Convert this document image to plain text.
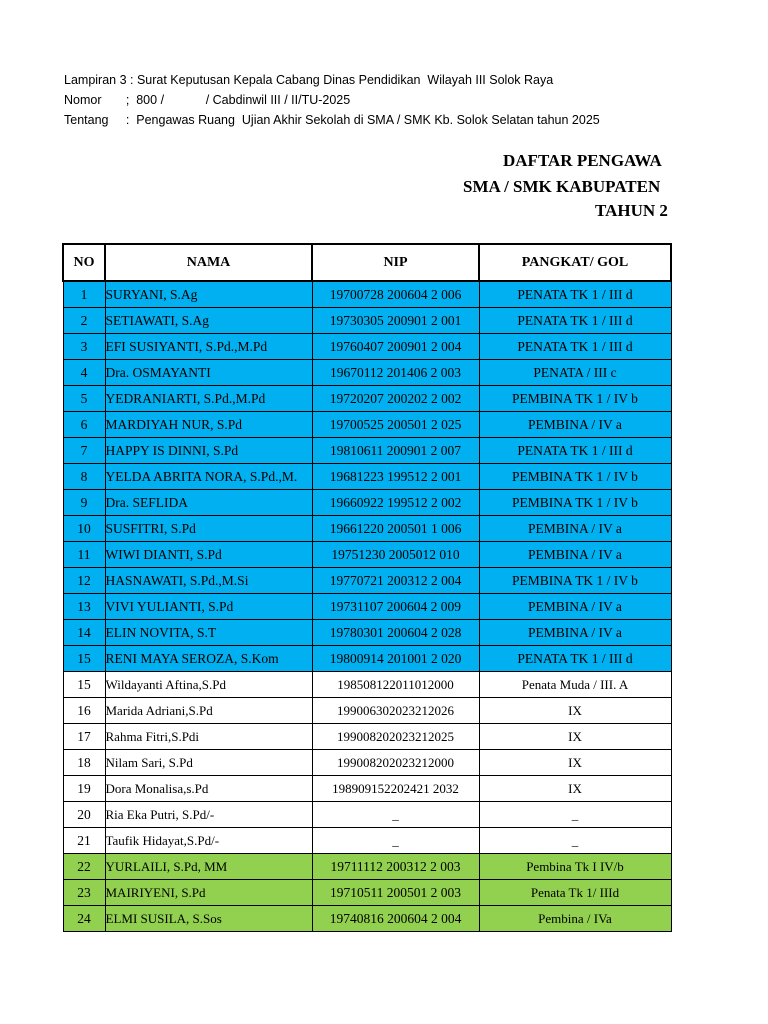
Lampiran 3 : Surat Keputusan Kepala Cabang Dinas Pendidikan  Wilayah III Solok Raya
Nomor       ;  800 /            / Cabdinwil III / II/TU-2025
Tentang     :  Pengawas Ruang  Ujian Akhir Sekolah di SMA / SMK Kb. Solok Selatan tahun 2025
DAFTAR PENGAWA
SMA / SMK KABUPATEN
TAHUN 2
NO	NAMA	NIP	PANGKAT/ GOL
1	SURYANI, S.Ag	19700728 200604 2 006	PENATA TK 1 / III d
2	SETIAWATI, S.Ag	19730305 200901 2 001	PENATA TK 1 / III d
3	EFI SUSIYANTI, S.Pd.,M.Pd	19760407 200901 2 004	PENATA TK 1 / III d
4	Dra. OSMAYANTI	19670112 201406 2 003	PENATA / III c
5	YEDRANIARTI, S.Pd.,M.Pd	19720207 200202 2 002	PEMBINA TK 1 / IV b
6	MARDIYAH NUR, S.Pd	19700525 200501 2 025	PEMBINA / IV a
7	HAPPY IS DINNI, S.Pd	19810611 200901 2 007	PENATA TK 1 / III d
8	YELDA ABRITA NORA, S.Pd.,M.	19681223 199512 2 001	PEMBINA TK 1 / IV b
9	Dra. SEFLIDA	19660922 199512 2 002	PEMBINA TK 1 / IV b
10	SUSFITRI, S.Pd	19661220 200501 1 006	PEMBINA / IV a
11	WIWI DIANTI, S.Pd	19751230 2005012 010	PEMBINA / IV a
12	HASNAWATI, S.Pd.,M.Si	19770721 200312 2 004	PEMBINA TK 1 / IV b
13	VIVI YULIANTI, S.Pd	19731107 200604 2 009	PEMBINA / IV a
14	ELIN NOVITA, S.T	19780301 200604 2 028	PEMBINA / IV a
15	RENI MAYA SEROZA, S.Kom	19800914 201001 2 020	PENATA TK 1 / III d
15	Wildayanti Aftina,S.Pd	198508122011012000	Penata Muda / III. A
16	Marida Adriani,S.Pd	199006302023212026	IX
17	Rahma Fitri,S.Pdi	199008202023212025	IX
18	Nilam Sari, S.Pd	199008202023212000	IX
19	Dora Monalisa,s.Pd	198909152202421 2032	IX
20	Ria Eka Putri, S.Pd/-	_	_
21	Taufik Hidayat,S.Pd/-	_	_
22	YURLAILI, S.Pd, MM	19711112 200312 2 003	Pembina Tk I IV/b
23	MAIRIYENI, S.Pd	19710511 200501 2 003	Penata Tk 1/ IIId
24	ELMI SUSILA, S.Sos	19740816 200604 2 004	Pembina / IVa
